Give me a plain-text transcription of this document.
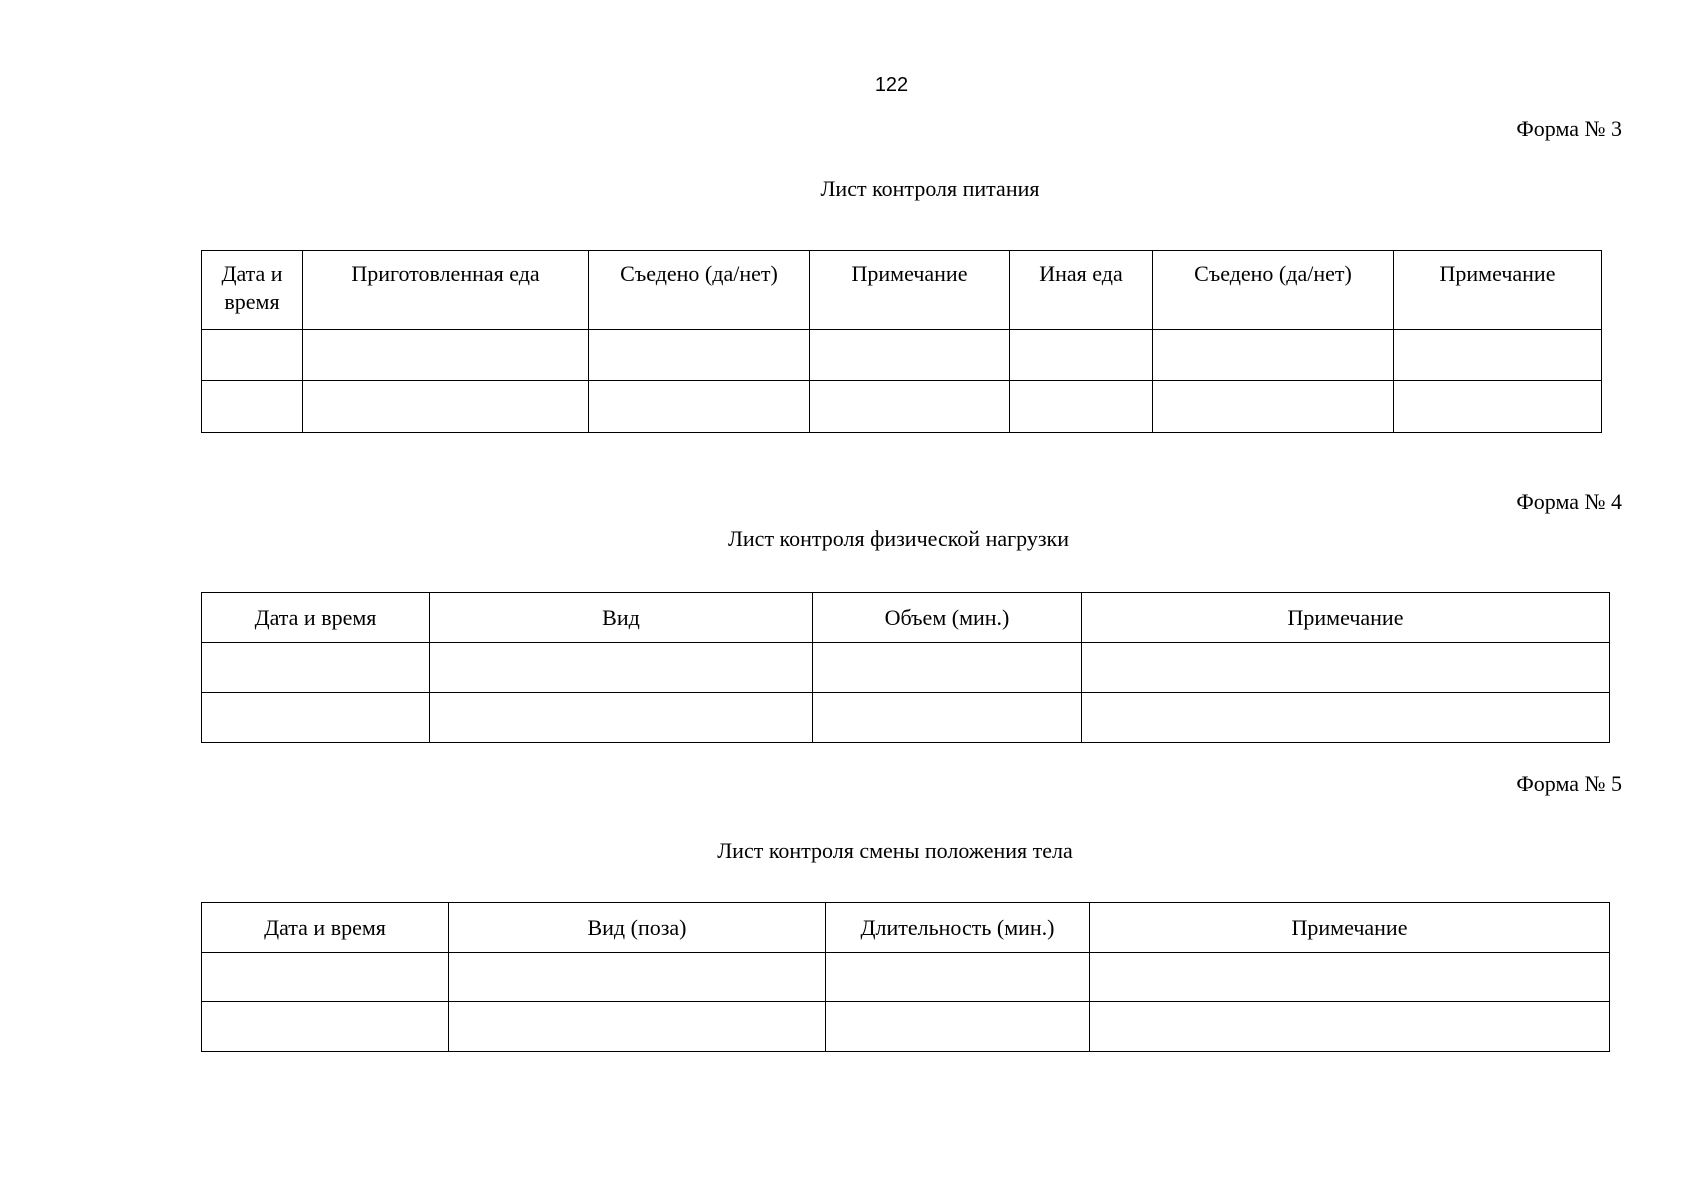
122
Форма № 3
Лист контроля питания
Дата и время	Приготовленная еда	Съедено (да/нет)	Примечание	Иная еда	Съедено (да/нет)	Примечание

Форма № 4
Лист контроля физической нагрузки
Дата и время	Вид	Объем (мин.)	Примечание

Форма № 5
Лист контроля смены положения тела
Дата и время	Вид (поза)	Длительность (мин.)	Примечание
